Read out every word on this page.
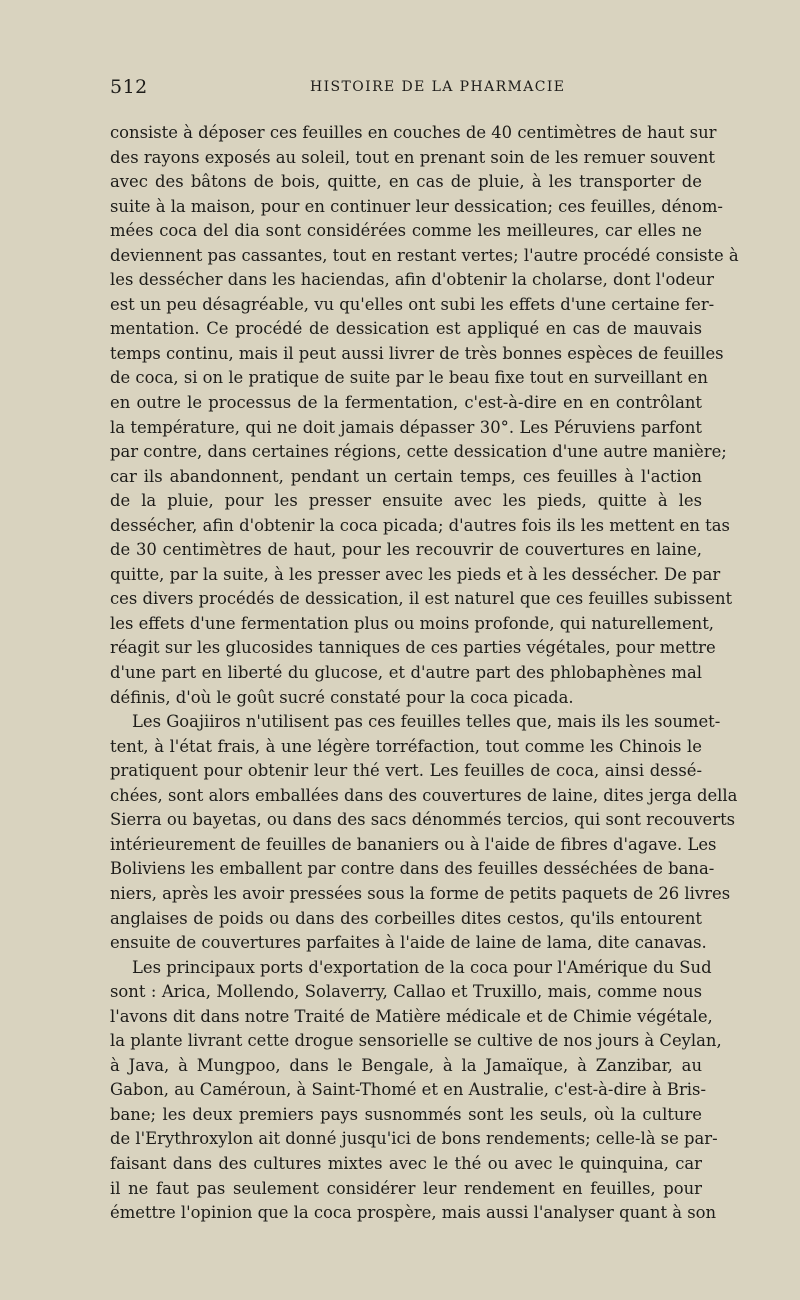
512	HISTOIRE DE LA PHARMACIE
consiste à déposer ces feuilles en couches de 40 centimètres de haut sur
des rayons exposés au soleil, tout en prenant soin de les remuer souvent
avec des bâtons de bois, quitte, en cas de pluie, à les transporter de
suite à la maison, pour en continuer leur dessication; ces feuilles, dénom-
mées coca del dia sont considérées comme les meilleures, car elles ne
deviennent pas cassantes, tout en restant vertes; l'autre procédé consiste à
les dessécher dans les haciendas, afin d'obtenir la cholarse, dont l'odeur
est un peu désagréable, vu qu'elles ont subi les effets d'une certaine fer-
mentation. Ce procédé de dessication est appliqué en cas de mauvais
temps continu, mais il peut aussi livrer de très bonnes espèces de feuilles
de coca, si on le pratique de suite par le beau fixe tout en surveillant en
en outre le processus de la fermentation, c'est-à-dire en en contrôlant
la température, qui ne doit jamais dépasser 30°. Les Péruviens parfont
par contre, dans certaines régions, cette dessication d'une autre manière;
car ils abandonnent, pendant un certain temps, ces feuilles à l'action
de la pluie, pour les presser ensuite avec les pieds, quitte à les
dessécher, afin d'obtenir la coca picada; d'autres fois ils les mettent en tas
de 30 centimètres de haut, pour les recouvrir de couvertures en laine,
quitte, par la suite, à les presser avec les pieds et à les dessécher. De par
ces divers procédés de dessication, il est naturel que ces feuilles subissent
les effets d'une fermentation plus ou moins profonde, qui naturellement,
réagit sur les glucosides tanniques de ces parties végétales, pour mettre
d'une part en liberté du glucose, et d'autre part des phlobaphènes mal
définis, d'où le goût sucré constaté pour la coca picada.
Les Goajiiros n'utilisent pas ces feuilles telles que, mais ils les soumet-
tent, à l'état frais, à une légère torréfaction, tout comme les Chinois le
pratiquent pour obtenir leur thé vert. Les feuilles de coca, ainsi dessé-
chées, sont alors emballées dans des couvertures de laine, dites jerga della
Sierra ou bayetas, ou dans des sacs dénommés tercios, qui sont recouverts
intérieurement de feuilles de bananiers ou à l'aide de fibres d'agave. Les
Boliviens les emballent par contre dans des feuilles desséchées de bana-
niers, après les avoir pressées sous la forme de petits paquets de 26 livres
anglaises de poids ou dans des corbeilles dites cestos, qu'ils entourent
ensuite de couvertures parfaites à l'aide de laine de lama, dite canavas.
Les principaux ports d'exportation de la coca pour l'Amérique du Sud
sont : Arica, Mollendo, Solaverry, Callao et Truxillo, mais, comme nous
l'avons dit dans notre Traité de Matière médicale et de Chimie végétale,
la plante livrant cette drogue sensorielle se cultive de nos jours à Ceylan,
à Java, à Mungpoo, dans le Bengale, à la Jamaïque, à Zanzibar, au
Gabon, au Caméroun, à Saint-Thomé et en Australie, c'est-à-dire à Bris-
bane; les deux premiers pays susnommés sont les seuls, où la culture
de l'Erythroxylon ait donné jusqu'ici de bons rendements; celle-là se par-
faisant dans des cultures mixtes avec le thé ou avec le quinquina, car
il ne faut pas seulement considérer leur rendement en feuilles, pour
émettre l'opinion que la coca prospère, mais aussi l'analyser quant à son
